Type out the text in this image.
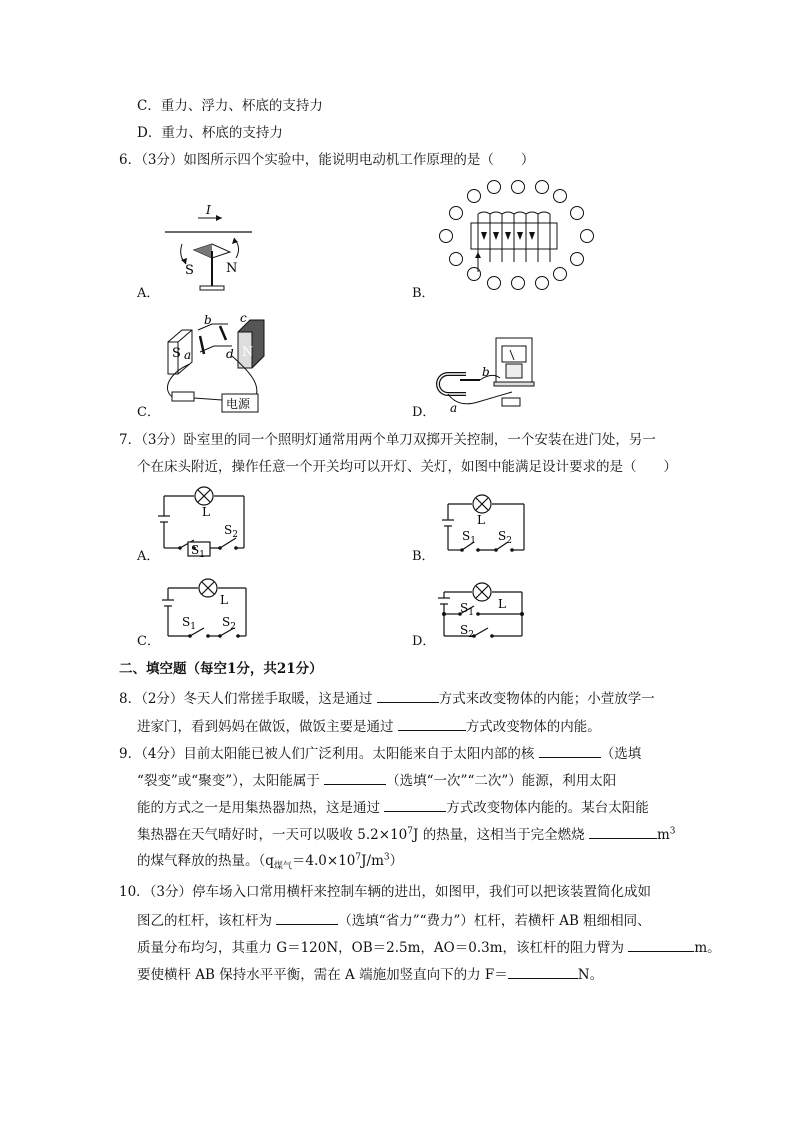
C．重力、浮力、杯底的支持力
D．重力、杯底的支持力
6．（3分）如图所示四个实验中，能说明电动机工作原理的是（　　）
I
S N
A．	B．
S	N
a
b c
d
电源
C．
b
a
D．
7．（3分）卧室里的同一个照明灯通常用两个单刀双掷开关控制，一个安装在进门处，另一
个在床头附近，操作任意一个开关均可以开灯、关灯，如图中能满足设计要求的是（　　）
L
$S_1$
$S_2$
A．
L
$S_1$ $S_2$
B．
L
$S_1$ $S_2$
C．
L
$S_1$
$S_2$
D．
二、填空题（每空1分，共21分）
8．（2分）冬天人们常搓手取暖，这是通过	方式来改变物体的内能；小萱放学一
进家门，看到妈妈在做饭，做饭主要是通过	方式改变物体的内能。
9．（4分）目前太阳能已被人们广泛利用。太阳能来自于太阳内部的核	（选填
“裂变”或“聚变”），太阳能属于	（选填“一次”“二次”）能源，利用太阳
能的方式之一是用集热器加热，这是通过	方式改变物体内能的。某台太阳能
集热器在天气晴好时，一天可以吸收 $5.2\times 10^7J$ 的热量，这相当于完全燃烧	$m^3$
的煤气释放的热量。$(q_{煤气}=4.0\times 10^7J/m^3)$
10．（3分）停车场入口常用横杆来控制车辆的进出，如图甲，我们可以把该装置简化成如
图乙的杠杆，该杠杆为	（选填“省力”“费力”）杠杆，若横杆 AB 粗细相同、
质量分布均匀，其重力 G＝120N，OB＝2.5m，AO＝0.3m，该杠杆的阻力臂为	m。
要使横杆 AB 保持水平平衡，需在 A 端施加竖直向下的力 F＝	N。
